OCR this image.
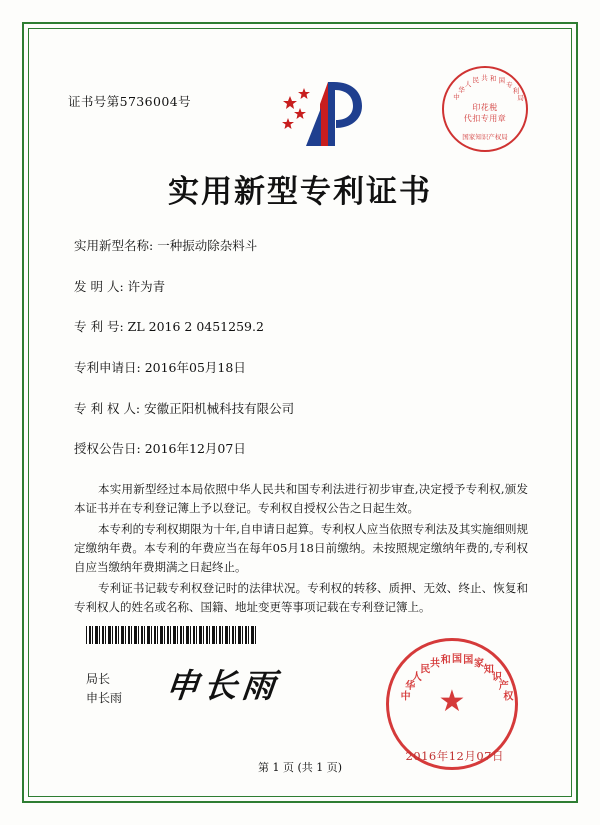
证书号第5736004号	中
华
人 民 共 和 国
专
利
局
印花税
代扣专用章
国家知识产权局
实用新型专利证书
实用新型名称: 一种振动除杂料斗
发 明 人: 许为青
专 利 号: ZL 2016 2 0451259.2
专利申请日: 2016年05月18日
专 利 权 人: 安徽正阳机械科技有限公司
授权公告日: 2016年12月07日
本实用新型经过本局依照中华人民共和国专利法进行初步审查,决定授予专利权,颁发本证书并在专利登记簿上予以登记。专利权自授权公告之日起生效。
本专利的专利权期限为十年,自申请日起算。专利权人应当依照专利法及其实施细则规定缴纳年费。本专利的年费应当在每年05月18日前缴纳。未按照规定缴纳年费的,专利权自应当缴纳年费期满之日起终止。
专利证书记载专利权登记时的法律状况。专利权的转移、质押、无效、终止、恢复和专利权人的姓名或名称、国籍、地址变更等事项记载在专利登记簿上。
局长
申长雨 申长雨	中
华
人
民
共 和 国 国 家
知
识
产
权
★
2016年12月07日
第 1 页 (共 1 页)
